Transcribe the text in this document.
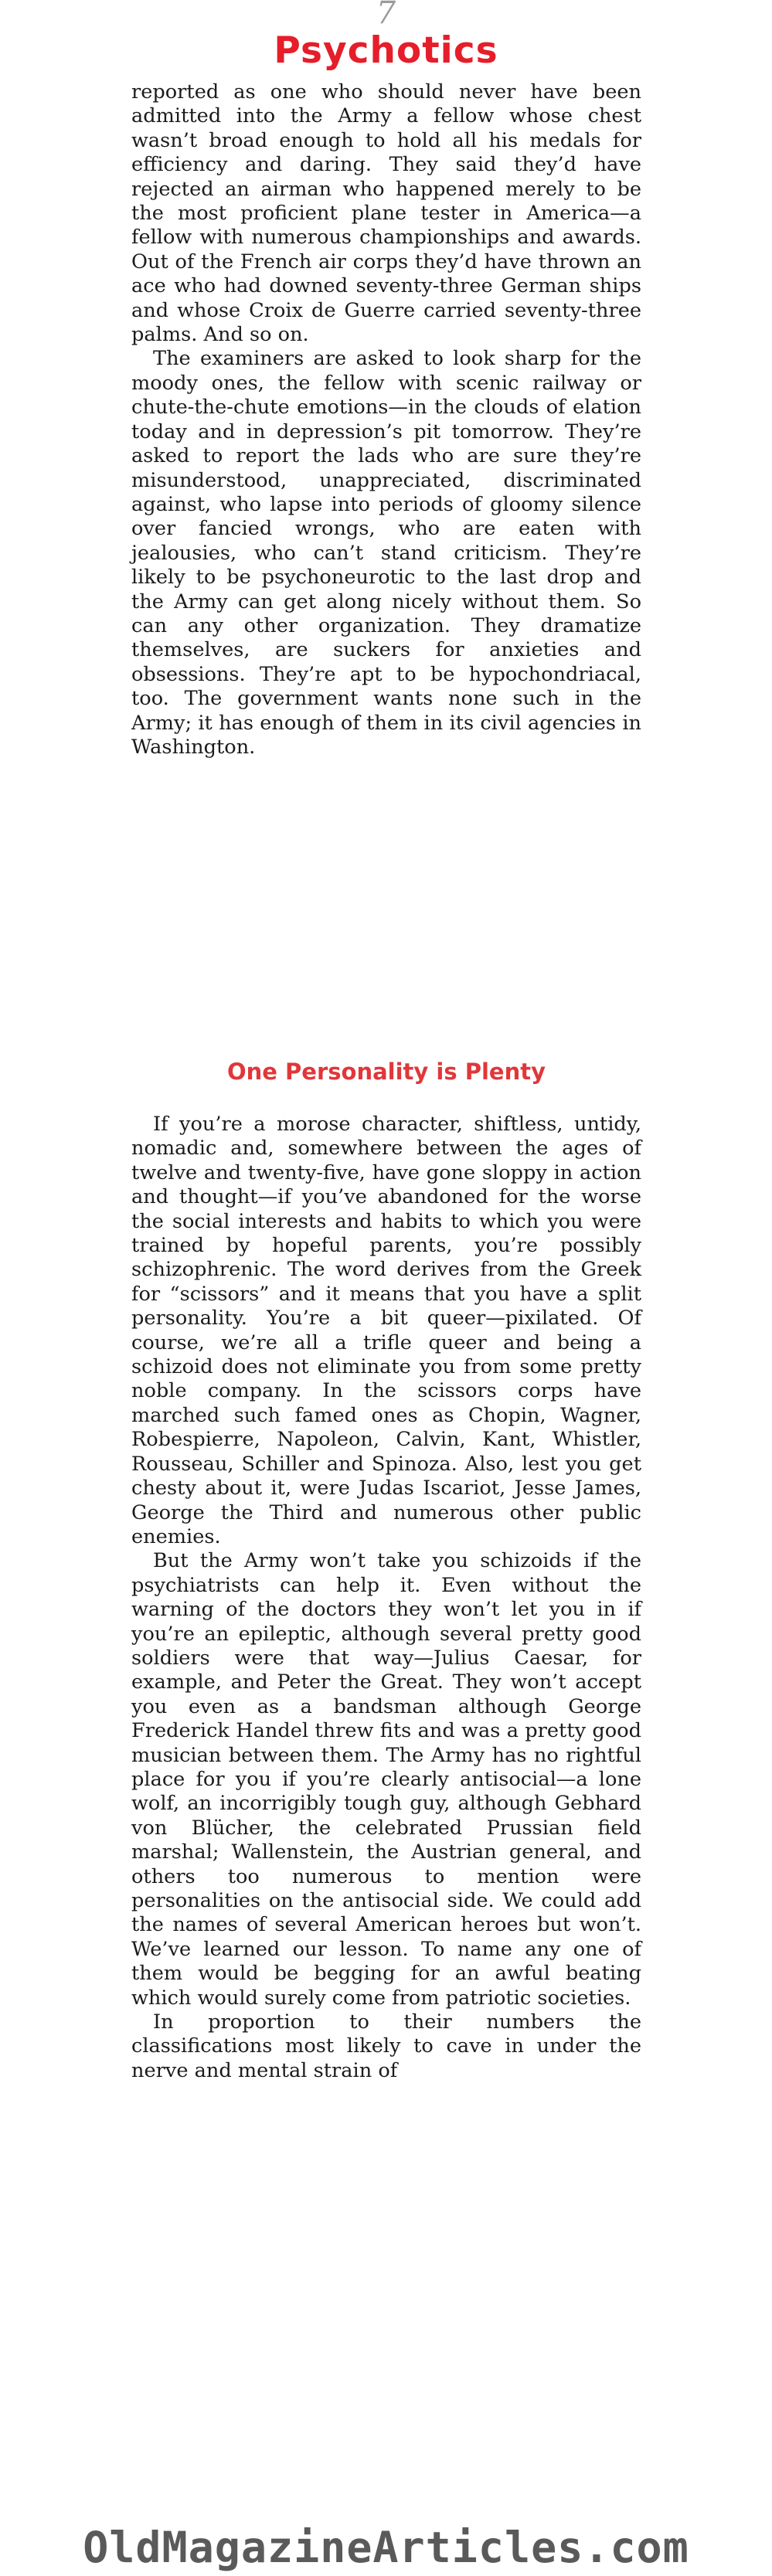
7
Psychotics

reported as one who should never have been admitted into the Army a fellow whose chest wasn’t broad enough to hold all his medals for efficiency and daring. They said they’d have rejected an airman who happened merely to be the most proficient plane tester in America—a fellow with numerous championships and awards. Out of the French air corps they’d have thrown an ace who had downed seventy-three German ships and whose Croix de Guerre carried seventy-three palms. And so on.

The examiners are asked to look sharp for the moody ones, the fellow with scenic railway or chute-the-chute emotions—in the clouds of elation today and in depression’s pit tomorrow. They’re asked to report the lads who are sure they’re misunderstood, unappreciated, discriminated against, who lapse into periods of gloomy silence over fancied wrongs, who are eaten with jealousies, who can’t stand criticism. They’re likely to be psychoneurotic to the last drop and the Army can get along nicely without them. So can any other organization. They dramatize themselves, are suckers for anxieties and obsessions. They’re apt to be hypochondriacal, too. The government wants none such in the Army; it has enough of them in its civil agencies in Washington.

One Personality is Plenty

If you’re a morose character, shiftless, untidy, nomadic and, somewhere between the ages of twelve and twenty-five, have gone sloppy in action and thought—if you’ve abandoned for the worse the social interests and habits to which you were trained by hopeful parents, you’re possibly schizophrenic. The word derives from the Greek for “scissors” and it means that you have a split personality. You’re a bit queer—pixilated. Of course, we’re all a trifle queer and being a schizoid does not eliminate you from some pretty noble company. In the scissors corps have marched such famed ones as Chopin, Wagner, Robespierre, Napoleon, Calvin, Kant, Whistler, Rousseau, Schiller and Spinoza. Also, lest you get chesty about it, were Judas Iscariot, Jesse James, George the Third and numerous other public enemies.

But the Army won’t take you schizoids if the psychiatrists can help it. Even without the warning of the doctors they won’t let you in if you’re an epileptic, although several pretty good soldiers were that way—Julius Caesar, for example, and Peter the Great. They won’t accept you even as a bandsman although George Frederick Handel threw fits and was a pretty good musician between them. The Army has no rightful place for you if you’re clearly antisocial—a lone wolf, an incorrigibly tough guy, although Gebhard von Blücher, the celebrated Prussian field marshal; Wallenstein, the Austrian general, and others too numerous to mention were personalities on the antisocial side. We could add the names of several American heroes but won’t. We’ve learned our lesson. To name any one of them would be begging for an awful beating which would surely come from patriotic societies.

In proportion to their numbers the classifications most likely to cave in under the nerve and mental strain of

OldMagazineArticles.com
